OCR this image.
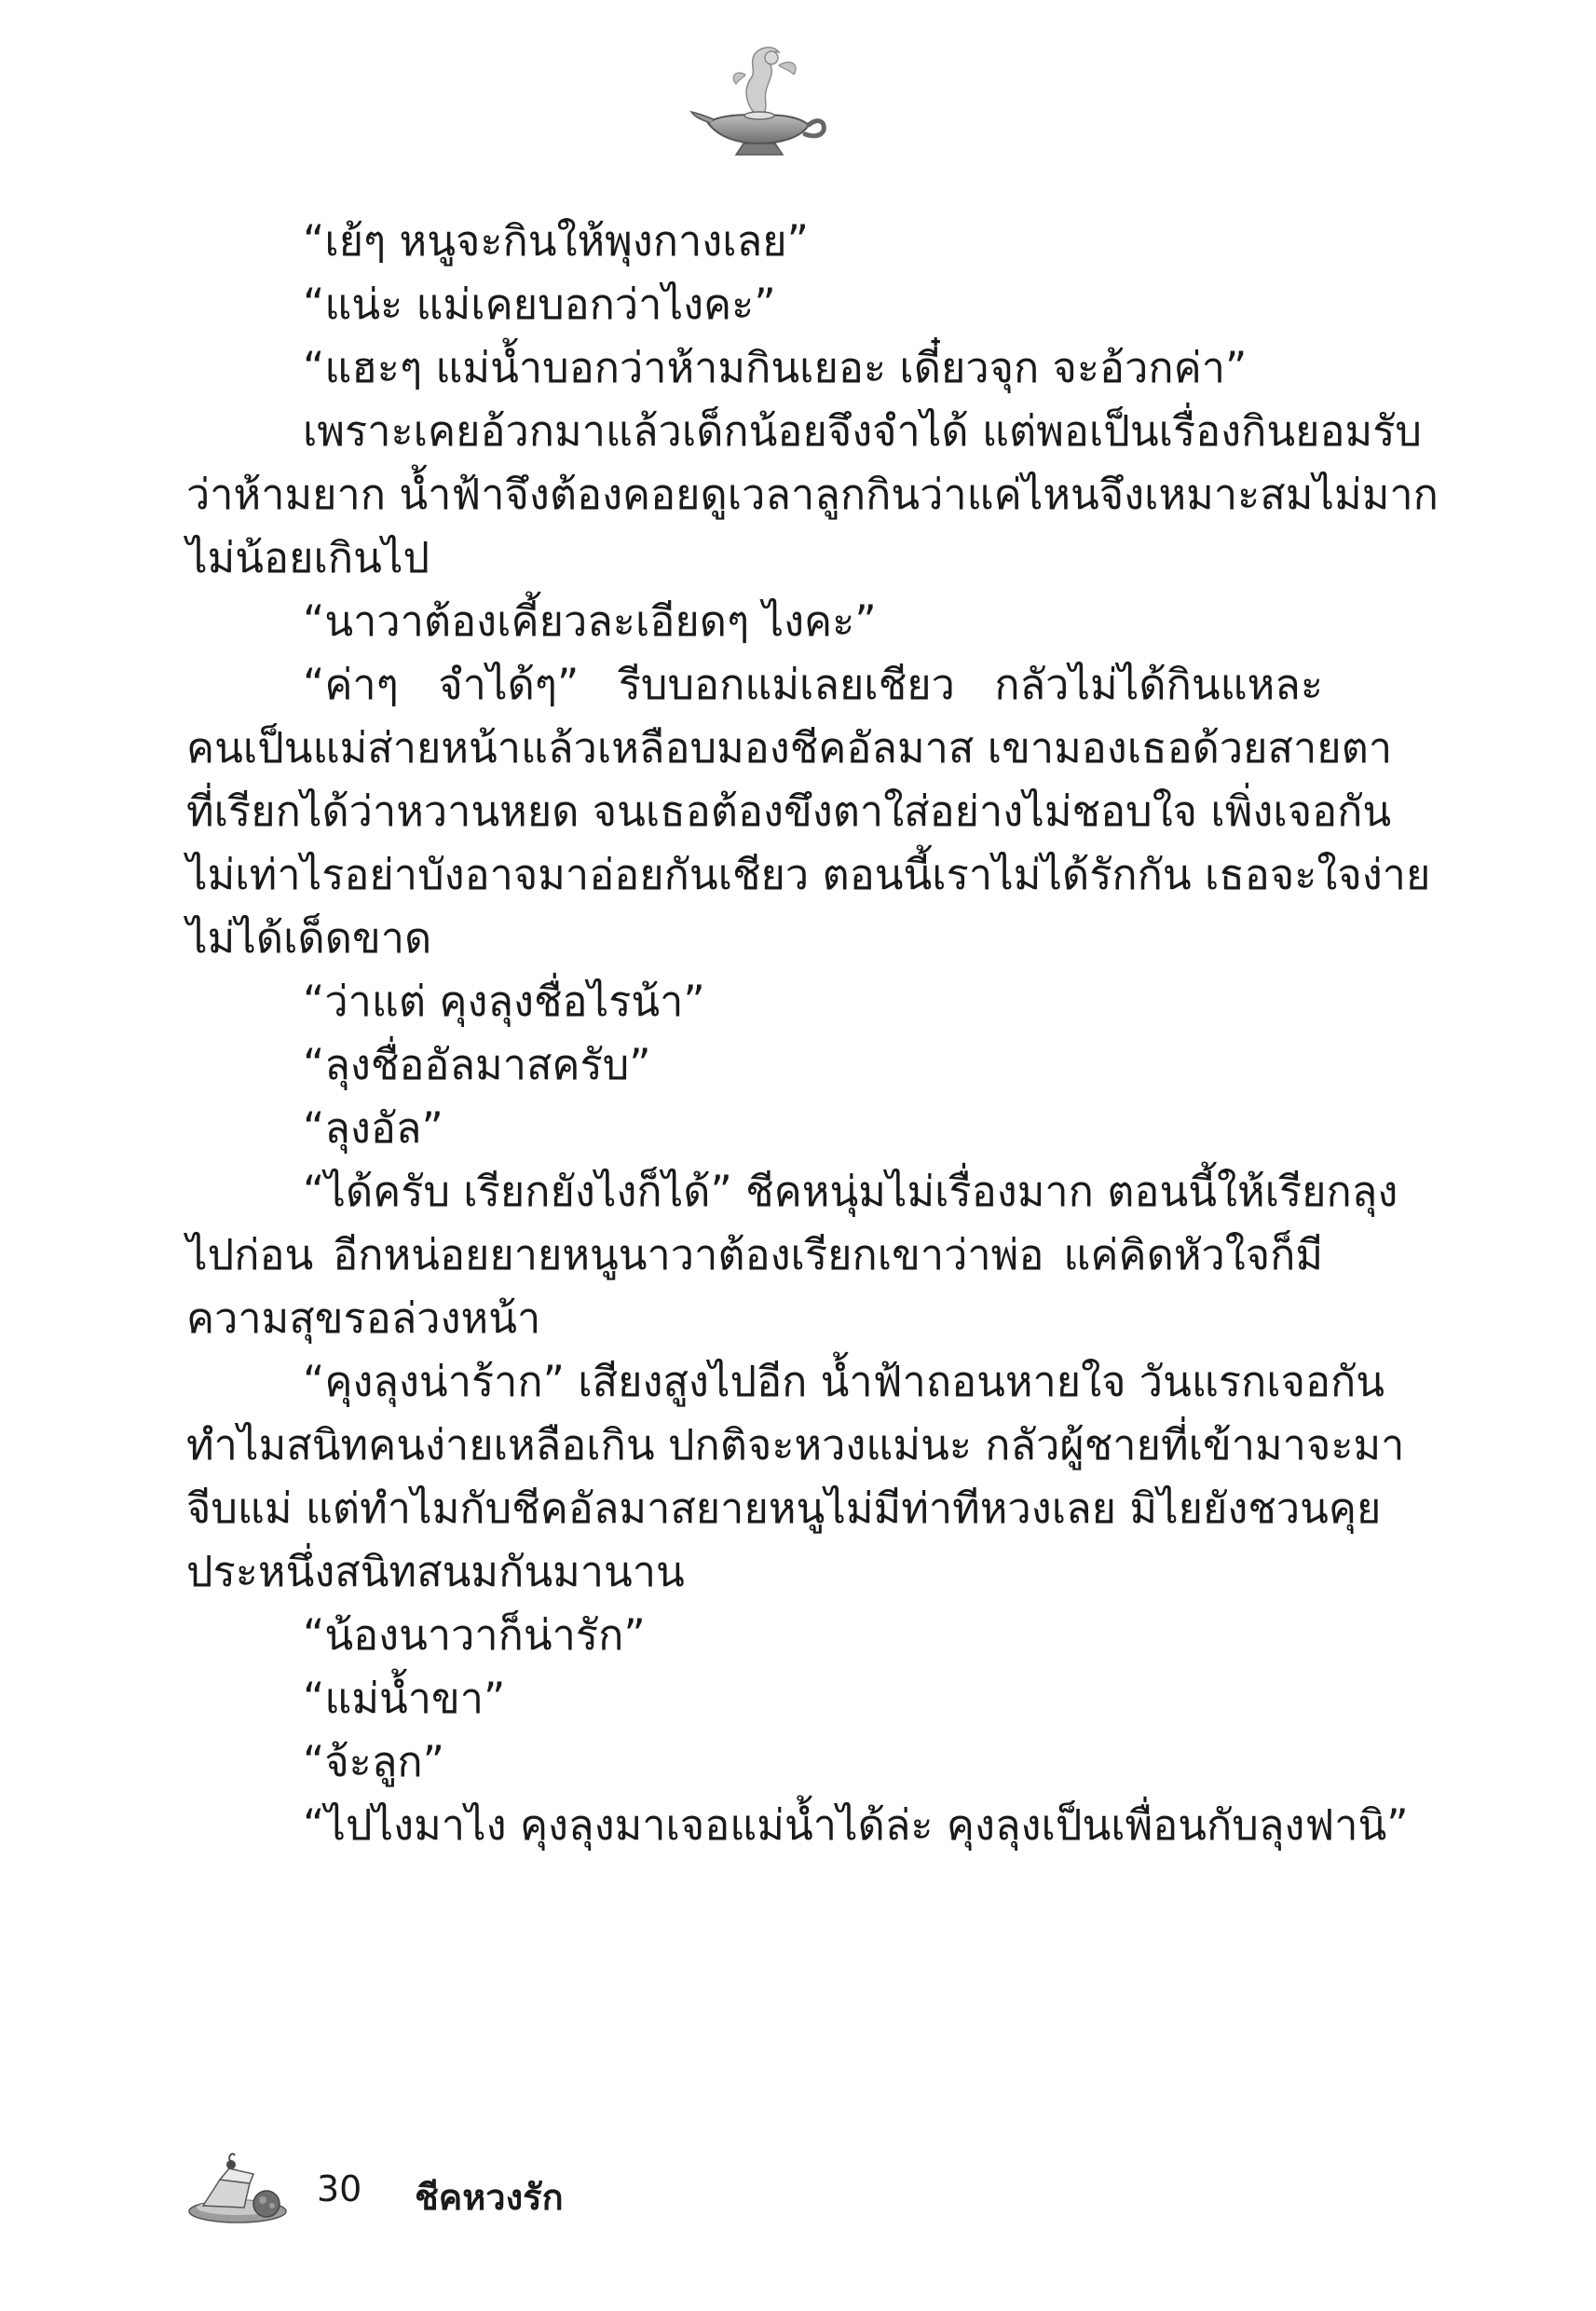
“เย้ๆ หนูจะกินให้พุงกางเลย”
“แน่ะ แม่เคยบอกว่าไงคะ”
“แฮะๆ แม่น้ำบอกว่าห้ามกินเยอะ เดี๋ยวจุก จะอ้วกค่า”
เพราะเคยอ้วกมาแล้วเด็กน้อยจึงจำได้ แต่พอเป็นเรื่องกินยอมรับ
ว่าห้ามยาก น้ำฟ้าจึงต้องคอยดูเวลาลูกกินว่าแค่ไหนจึงเหมาะสมไม่มาก
ไม่น้อยเกินไป
“นาวาต้องเคี้ยวละเอียดๆ ไงคะ”
“ค่าๆ จำได้ๆ” รีบบอกแม่เลยเชียว กลัวไม่ได้กินแหละ
คนเป็นแม่ส่ายหน้าแล้วเหลือบมองชีคอัลมาส เขามองเธอด้วยสายตา
ที่เรียกได้ว่าหวานหยด จนเธอต้องขึงตาใส่อย่างไม่ชอบใจ เพิ่งเจอกัน
ไม่เท่าไรอย่าบังอาจมาอ่อยกันเชียว ตอนนี้เราไม่ได้รักกัน เธอจะใจง่าย
ไม่ได้เด็ดขาด
“ว่าแต่ คุงลุงชื่อไรน้า”
“ลุงชื่ออัลมาสครับ”
“ลุงอัล”
“ได้ครับ เรียกยังไงก็ได้” ชีคหนุ่มไม่เรื่องมาก ตอนนี้ให้เรียกลุง
ไปก่อน อีกหน่อยยายหนูนาวาต้องเรียกเขาว่าพ่อ แค่คิดหัวใจก็มี
ความสุขรอล่วงหน้า
“คุงลุงน่าร้าก” เสียงสูงไปอีก น้ำฟ้าถอนหายใจ วันแรกเจอกัน
ทำไมสนิทคนง่ายเหลือเกิน ปกติจะหวงแม่นะ กลัวผู้ชายที่เข้ามาจะมา
จีบแม่ แต่ทำไมกับชีคอัลมาสยายหนูไม่มีท่าทีหวงเลย มิไยยังชวนคุย
ประหนึ่งสนิทสนมกันมานาน
“น้องนาวาก็น่ารัก”
“แม่น้ำขา”
“จ้ะลูก”
“ไปไงมาไง คุงลุงมาเจอแม่น้ำได้ล่ะ คุงลุงเป็นเพื่อนกับลุงฟานิ”
30 ชีคหวงรัก
